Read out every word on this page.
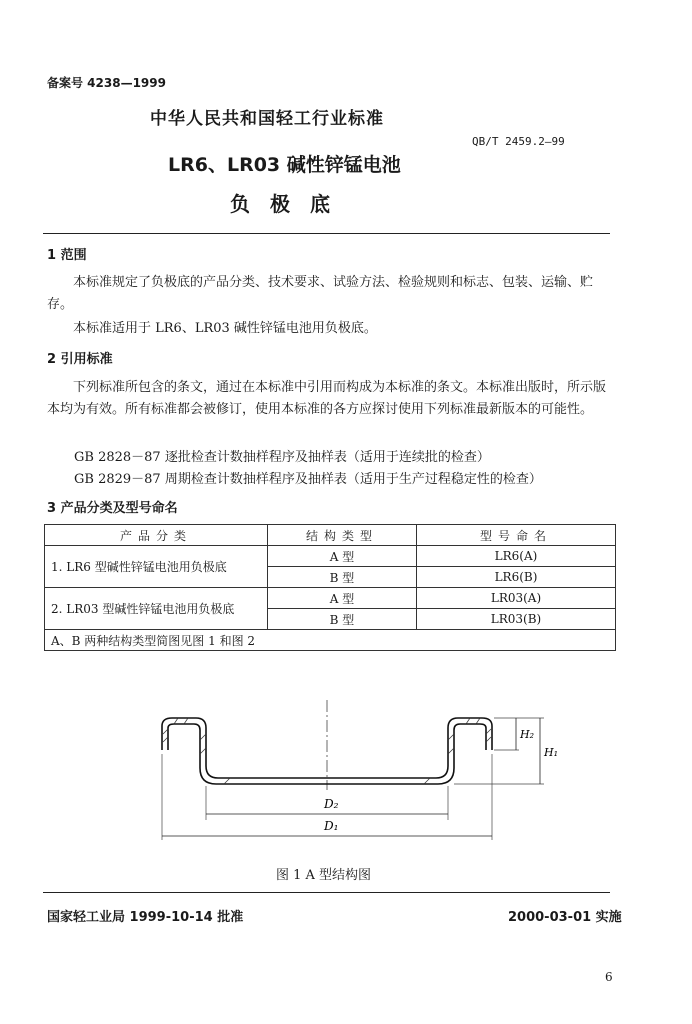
备案号 4238—1999
中华人民共和国轻工行业标准
QB/T 2459.2—99
LR6、LR03 碱性锌锰电池
负极底
1 范围
本标准规定了负极底的产品分类、技术要求、试验方法、检验规则和标志、包装、运输、贮存。
本标准适用于 LR6、LR03 碱性锌锰电池用负极底。
2 引用标准
下列标准所包含的条文，通过在本标准中引用而构成为本标准的条文。本标准出版时，所示版本均为有效。所有标准都会被修订，使用本标准的各方应探讨使用下列标准最新版本的可能性。
GB 2828－87 逐批检查计数抽样程序及抽样表（适用于连续批的检查）
GB 2829－87 周期检查计数抽样程序及抽样表（适用于生产过程稳定性的检查）
3 产品分类及型号命名
产品分类	结构类型	型号命名
1. LR6 型碱性锌锰电池用负极底	A 型	LR6(A)
	B 型	LR6(B)
2. LR03 型碱性锌锰电池用负极底	A 型	LR03(A)
	B 型	LR03(B)
A、B 两种结构类型简图见图 1 和图 2		
D₂
D₁
H₂
H₁
图 1 A 型结构图
国家轻工业局 1999-10-14 批准	2000-03-01 实施
6
